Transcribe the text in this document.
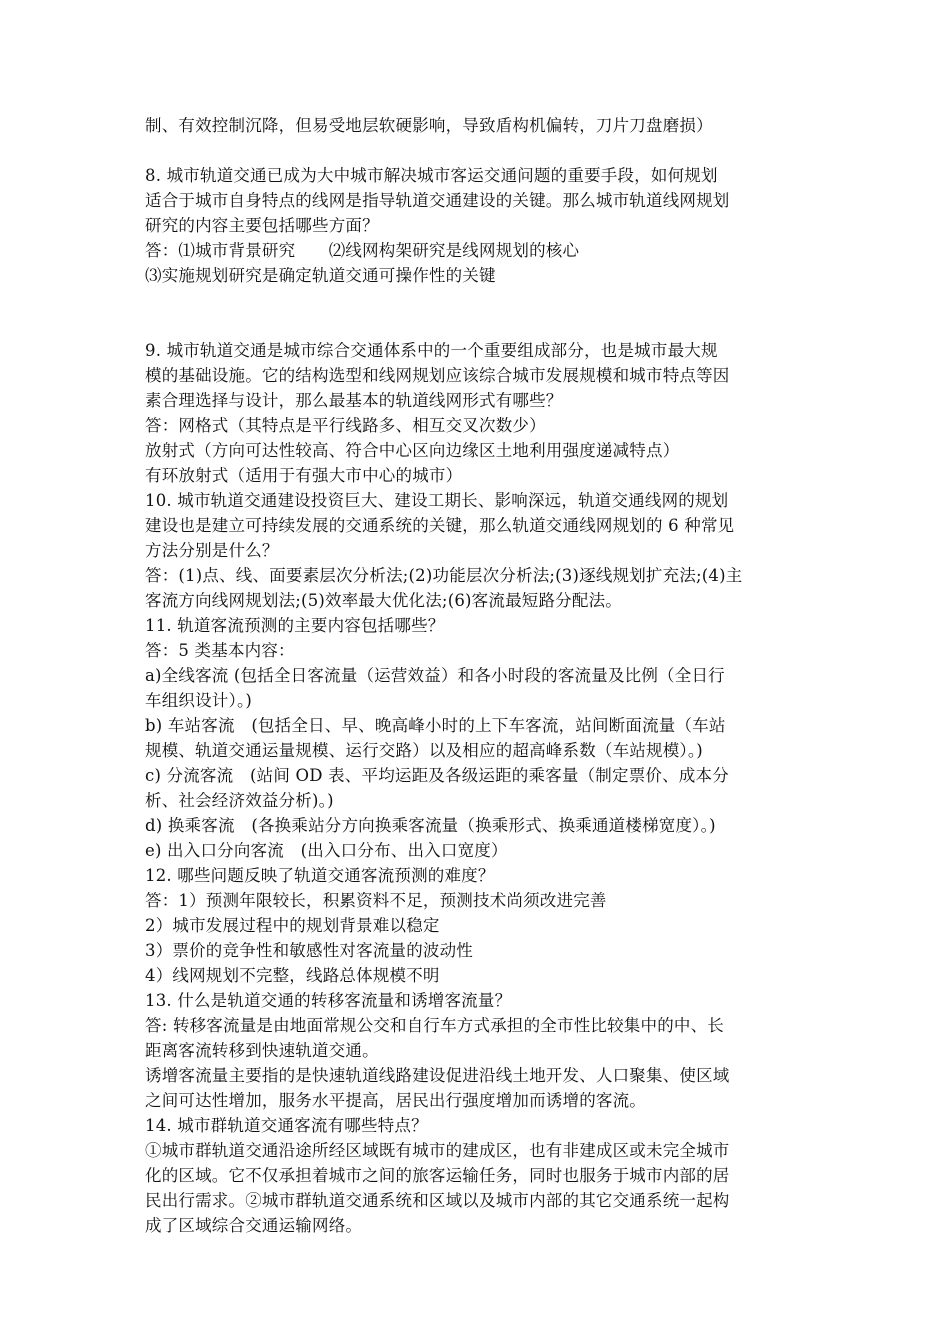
制、有效控制沉降，但易受地层软硬影响，导致盾构机偏转，刀片刀盘磨损）
8. 城市轨道交通已成为大中城市解决城市客运交通问题的重要手段，如何规划
适合于城市自身特点的线网是指导轨道交通建设的关键。那么城市轨道线网规划
研究的内容主要包括哪些方面？
答：⑴城市背景研究　　⑵线网构架研究是线网规划的核心
⑶实施规划研究是确定轨道交通可操作性的关键
9. 城市轨道交通是城市综合交通体系中的一个重要组成部分，也是城市最大规
模的基础设施。它的结构选型和线网规划应该综合城市发展规模和城市特点等因
素合理选择与设计，那么最基本的轨道线网形式有哪些？
答：网格式（其特点是平行线路多、相互交叉次数少）
放射式（方向可达性较高、符合中心区向边缘区土地利用强度递减特点）
有环放射式（适用于有强大市中心的城市）
10. 城市轨道交通建设投资巨大、建设工期长、影响深远，轨道交通线网的规划
建设也是建立可持续发展的交通系统的关键，那么轨道交通线网规划的 6 种常见
方法分别是什么？
答：(1)点、线、面要素层次分析法;(2)功能层次分析法;(3)逐线规划扩充法;(4)主
客流方向线网规划法;(5)效率最大优化法;(6)客流最短路分配法。
11. 轨道客流预测的主要内容包括哪些？
答：5 类基本内容：
a)全线客流 (包括全日客流量（运营效益）和各小时段的客流量及比例（全日行
车组织设计）。)
b) 车站客流　(包括全日、早、晚高峰小时的上下车客流，站间断面流量（车站
规模、轨道交通运量规模、运行交路）以及相应的超高峰系数（车站规模）。)
c) 分流客流　(站间 OD 表、平均运距及各级运距的乘客量（制定票价、成本分
析、社会经济效益分析)。)
d) 换乘客流　(各换乘站分方向换乘客流量（换乘形式、换乘通道楼梯宽度）。)
e) 出入口分向客流　(出入口分布、出入口宽度）
12. 哪些问题反映了轨道交通客流预测的难度？
答：1）预测年限较长，积累资料不足，预测技术尚须改进完善
2）城市发展过程中的规划背景难以稳定
3）票价的竞争性和敏感性对客流量的波动性
4）线网规划不完整，线路总体规模不明
13. 什么是轨道交通的转移客流量和诱增客流量？
答: 转移客流量是由地面常规公交和自行车方式承担的全市性比较集中的中、长
距离客流转移到快速轨道交通。
诱增客流量主要指的是快速轨道线路建设促进沿线土地开发、人口聚集、使区域
之间可达性增加，服务水平提高，居民出行强度增加而诱增的客流。
14. 城市群轨道交通客流有哪些特点？
①城市群轨道交通沿途所经区域既有城市的建成区，也有非建成区或未完全城市
化的区域。它不仅承担着城市之间的旅客运输任务，同时也服务于城市内部的居
民出行需求。②城市群轨道交通系统和区域以及城市内部的其它交通系统一起构
成了区域综合交通运输网络。
